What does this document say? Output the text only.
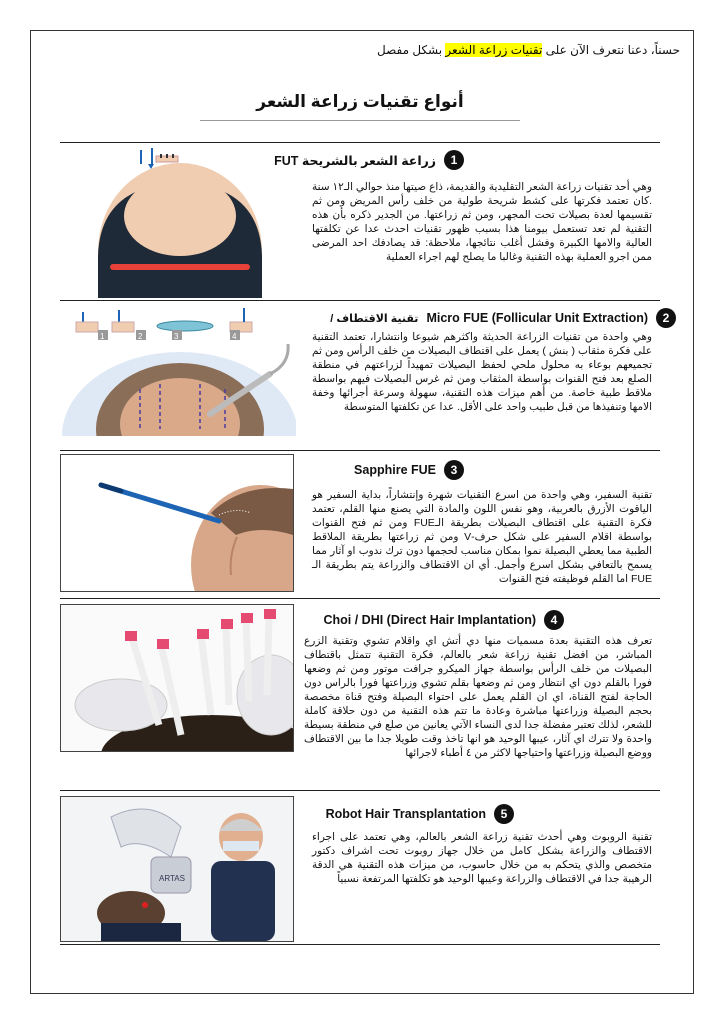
حسناً، دعنا نتعرف الآن على تقنيات زراعة الشعر بشكل مفصل
أنواع تقنيات زراعة الشعر
زراعة الشعر بالشريحة FUT	1
وهي أحد تقنيات زراعة الشعر التقليدية والقديمة، ذاع صيتها منذ حوالي الـ١٢ سنة .كان تعتمد فكرتها على كشط شريحة طولية من خلف رأس المريض ومن ثم تقسيمها لعدة بصيلات تحت المجهر، ومن ثم زراعتها. من الجدير ذكره بأن هذه التقنية لم تعد تستعمل بيومنا هذا بسبب ظهور تقنيات احدث عدا عن تكلفتها العالية والامها الكبيرة وفشل أغلب نتائجها، ملاحظة: قد يصادفك احد المرضى ممن اجرو العملية بهذه التقنية وغالبا ما يصلح لهم اجراء العملية
1	2	3	4
تقنية الاقتطاف / Micro FUE (Follicular Unit Extraction)	2
وهي واحدة من تقنيات الزراعة الحديثة واكثرهم شيوعا وانتشارا، تعتمد التقنية على فكرة مثقاب ( بنش ) يعمل على اقتطاف البصيلات من خلف الرأس ومن ثم تجميعهم بوعاء به محلول ملحي لحفظ البصيلات تمهيداً لزراعتهم في منطقة الصلع بعد فتح القنوات بواسطة المثقاب ومن ثم غرس البصيلات فيهم بواسطة ملاقط طبية خاصة. من أهم ميزات هذه التقنية، سهولة وسرعة أجرائها وخفة الامها وتنفيذها من قبل طبيب واحد على الأقل. عدا عن تكلفتها المتوسطة
Sapphire FUE	3
تقنية السفير، وهي واحدة من اسرع التقنيات شهرة وإنتشاراً، بداية السفير هو الياقوت الأزرق بالعربية، وهو نفس اللون والمادة التي يصنع منها القلم، تعتمد فكرة التقنية على اقتطاف البصيلات بطريقة الـFUE ومن ثم فتح القنوات بواسطة اقلام السفير على شكل حرف-V ومن ثم زراعتها بطريقة الملاقط الطبية مما يعطي البصيلة نموا بمكان مناسب لحجمها دون ترك ندوب او آثار مما يسمح بالتعافي بشكل اسرع وأجمل. أي ان الاقتطاف والزراعة يتم بطريقة الـ FUE اما القلم فوظيفته فتح القنوات
Choi / DHI (Direct Hair Implantation)	4
تعرف هذه التقنية بعدة مسميات منها دي أتش اي واقلام تشوي وتقنية الزرع المباشر، من افضل تقنية زراعة شعر بالعالم، فكرة التقنية تتمثل باقتطاف البصيلات من خلف الرأس بواسطة جهاز الميكرو جرافت موتور ومن ثم وضعها فورا بالقلم دون اي انتظار ومن ثم وضعها بقلم تشوي وزراعتها فورا بالراس دون الحاجة لفتح القناة، اي ان القلم يعمل على احتواء البصيلة وفتح قناة مخصصة بحجم البصيلة وزراعتها مباشرة وعادة ما تتم هذه التقنية من دون حلاقة كاملة للشعر، لذلك تعتبر مفضلة جدا لدى النساء الآتي يعانين من صلع في منطقة بسيطة واحدة ولا تترك اي آثار، عيبها الوحيد هو انها تاخذ وقت طويلا جدا ما بين الاقتطاف ووضع البصيلة وزراعتها واحتياجها لاكثر من ٤ أطباء لاجرائها
ARTAS
Robot Hair Transplantation	5
تقنية الروبوت وهي أحدث تقنية زراعة الشعر بالعالم، وهي تعتمد على اجراء الاقتطاف والزراعة بشكل كامل من خلال جهاز روبوت تحت اشراف دكتور متخصص والذي يتحكم به من خلال حاسوب، من ميزات هذه التقنية هي الدقة الرهيبة جدا في الاقتطاف والزراعة وعيبها الوحيد هو تكلفتها المرتفعة نسبياً
